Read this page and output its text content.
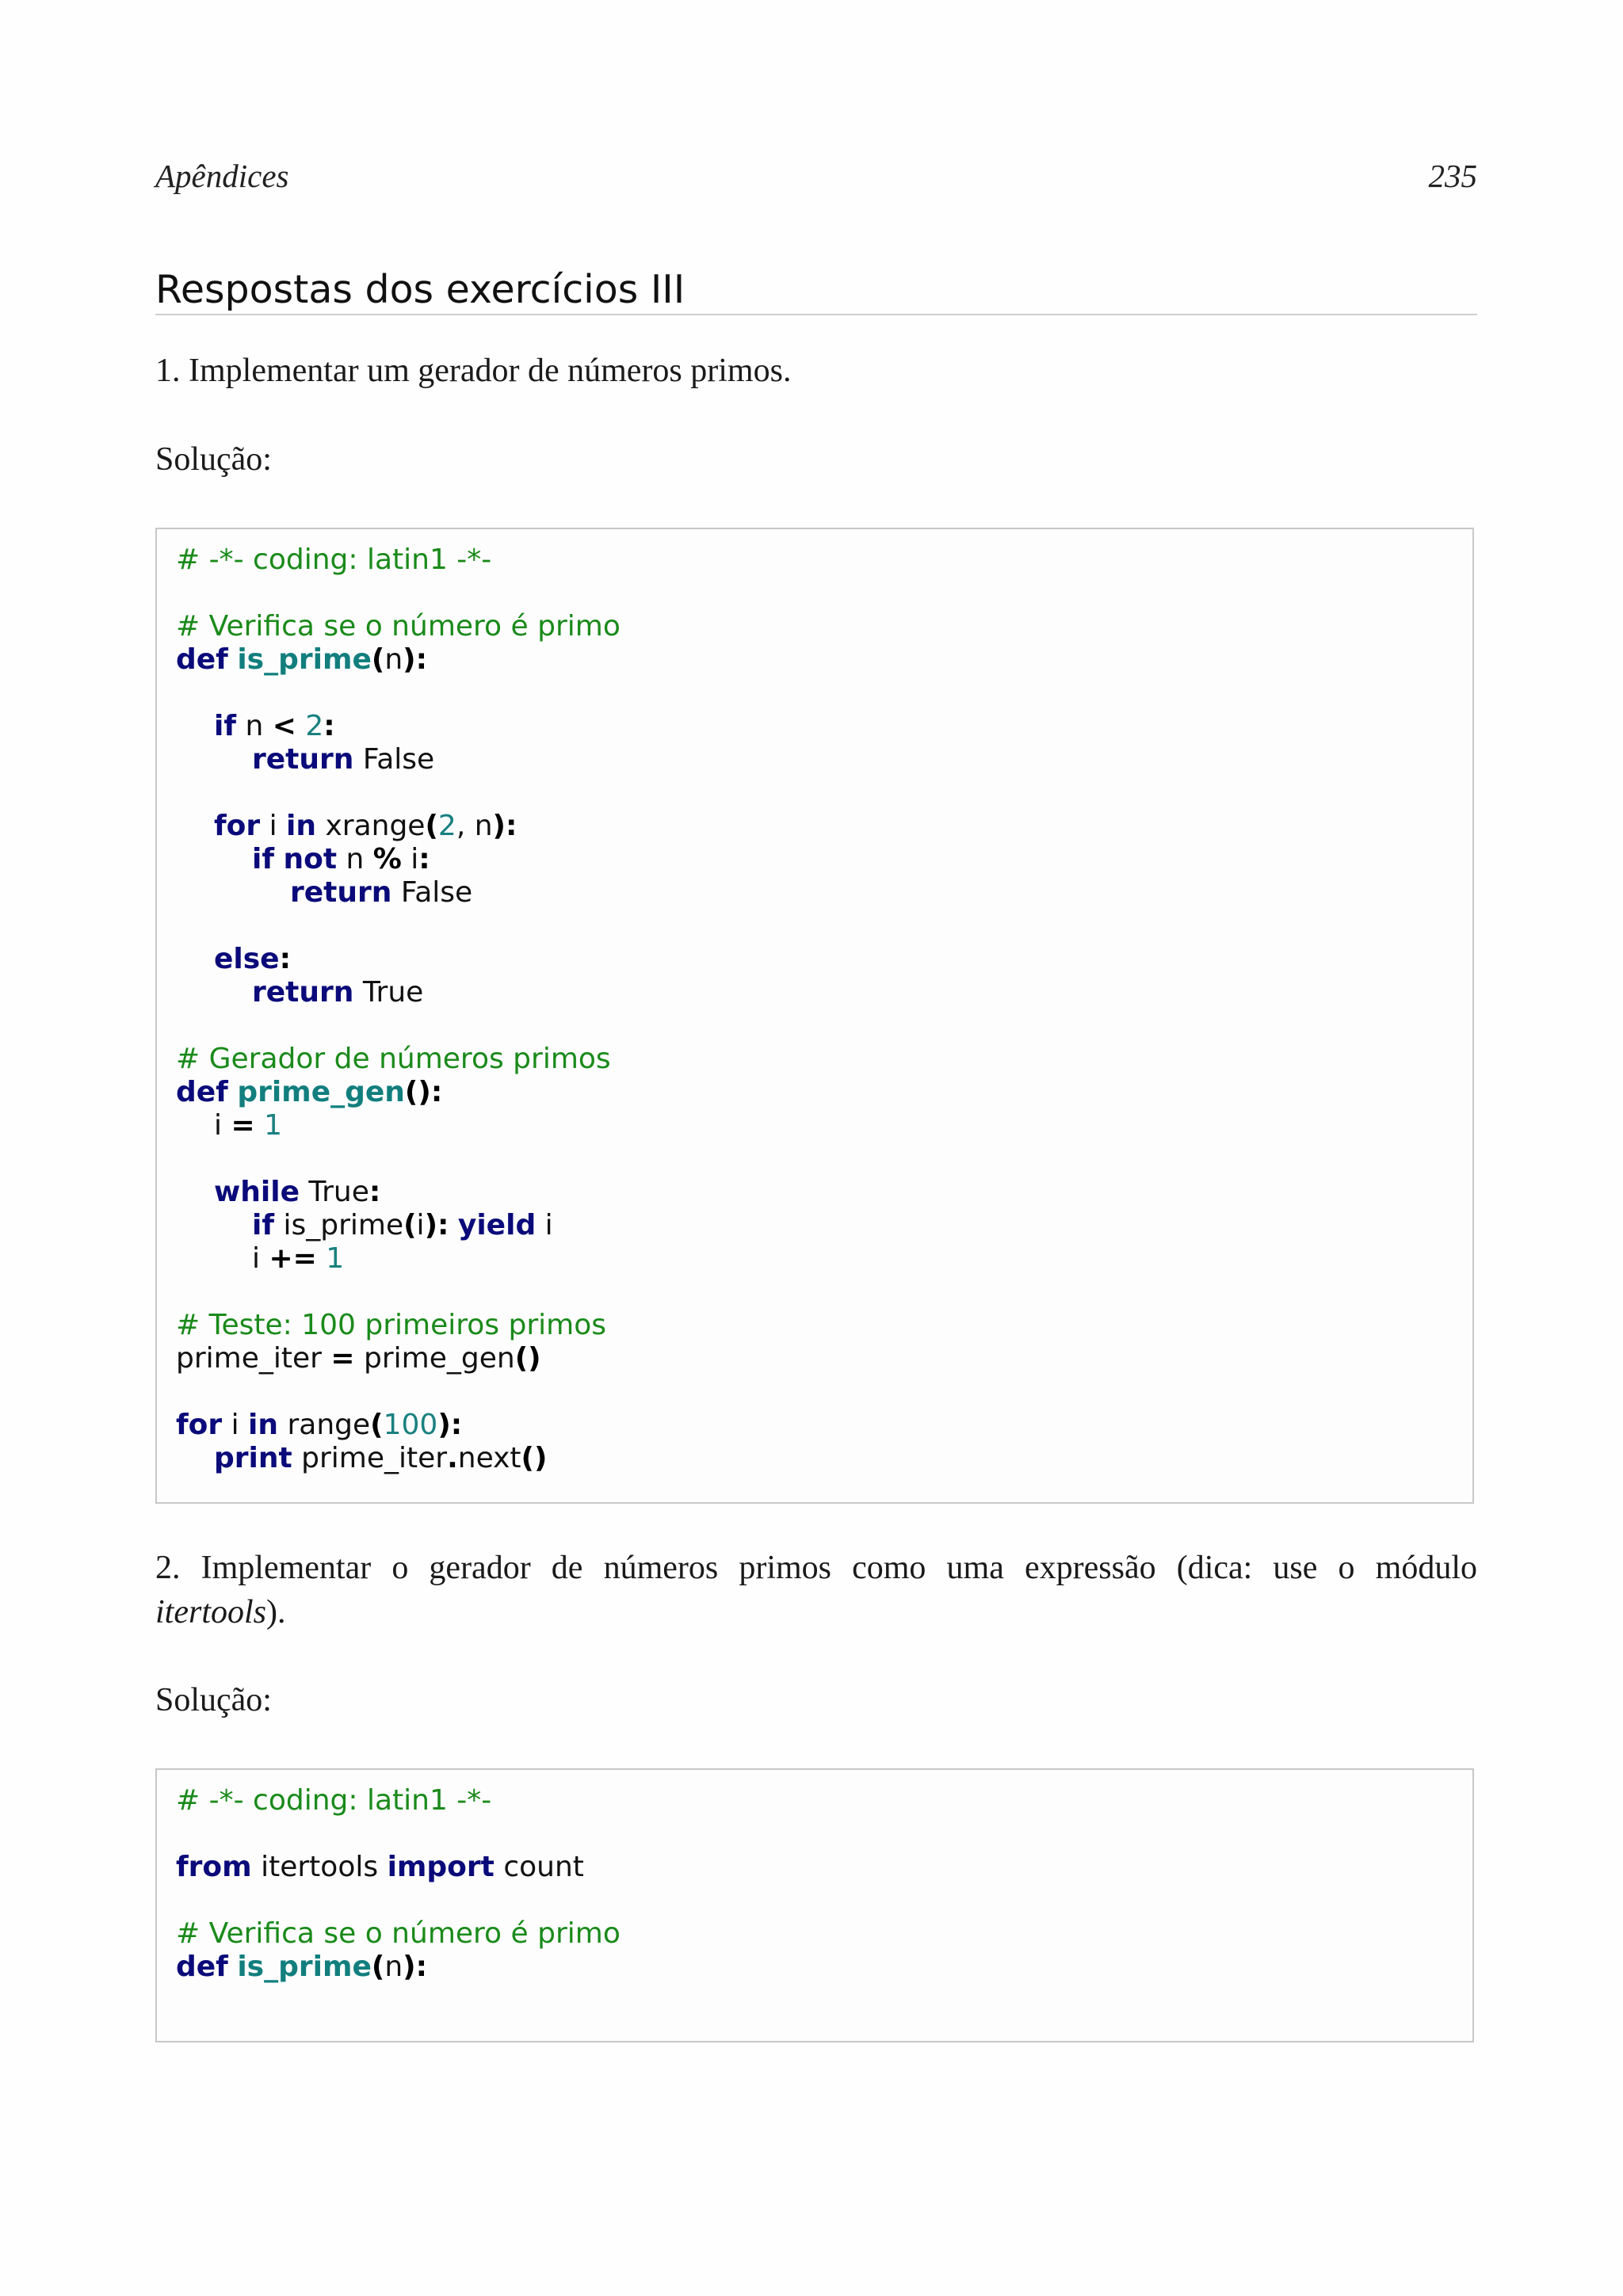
Apêndices	235
Respostas dos exercícios III
1. Implementar um gerador de números primos.
Solução:
# -*- coding: latin1 -*-
# Verifica se o número é primo
def is_prime(n):
if n < 2:
return False
for i in xrange(2, n):
if not n % i:
return False
else:
return True
# Gerador de números primos
def prime_gen():
i = 1
while True:
if is_prime(i): yield i
i += 1
# Teste: 100 primeiros primos
prime_iter = prime_gen()
for i in range(100):
print prime_iter.next()
2. Implementar o gerador de números primos como uma expressão (dica: use o módulo
itertools).
Solução:
# -*- coding: latin1 -*-
from itertools import count
# Verifica se o número é primo
def is_prime(n):
